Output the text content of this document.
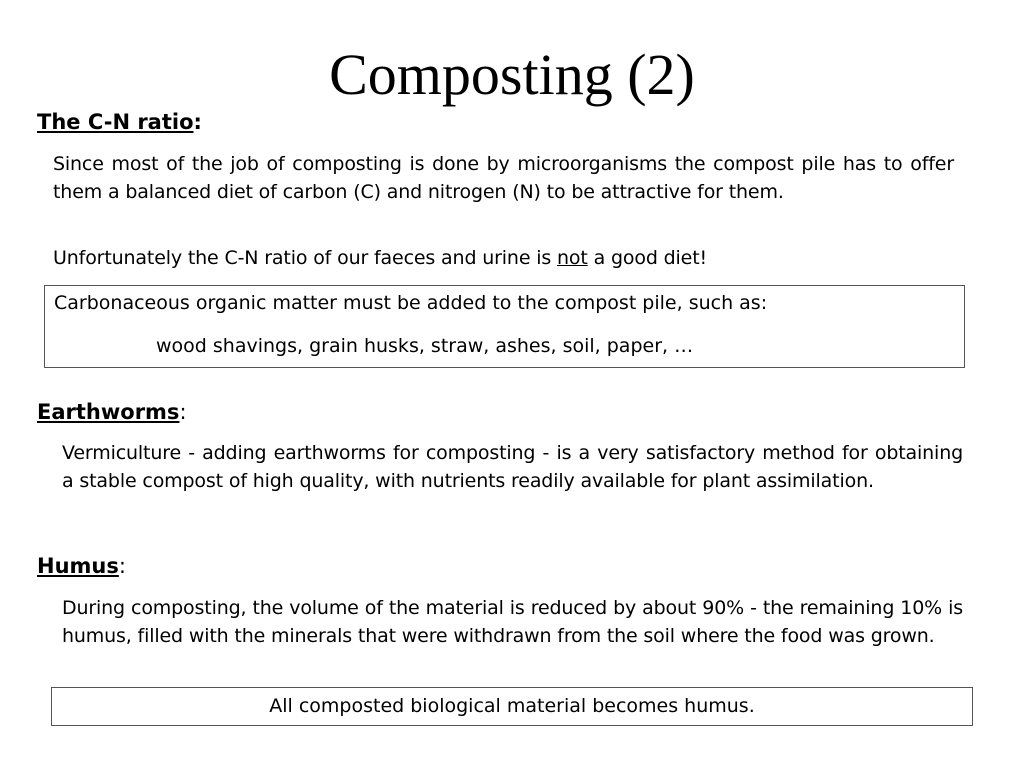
Composting (2)
The C-N ratio:
Since most of the job of composting is done by microorganisms the compost pile has to offer them a balanced diet of carbon (C) and nitrogen (N) to be attractive for them.
Unfortunately the C-N ratio of our faeces and urine is not a good diet!
Carbonaceous organic matter must be added to the compost pile, such as:
wood shavings, grain husks, straw, ashes, soil, paper, …
Earthworms:
Vermiculture - adding earthworms for composting - is a very satisfactory method for obtaining a stable compost of high quality, with nutrients readily available for plant assimilation.
Humus:
During composting, the volume of the material is reduced by about 90% - the remaining 10% is humus, filled with the minerals that were withdrawn from the soil where the food was grown.
All composted biological material becomes humus.
